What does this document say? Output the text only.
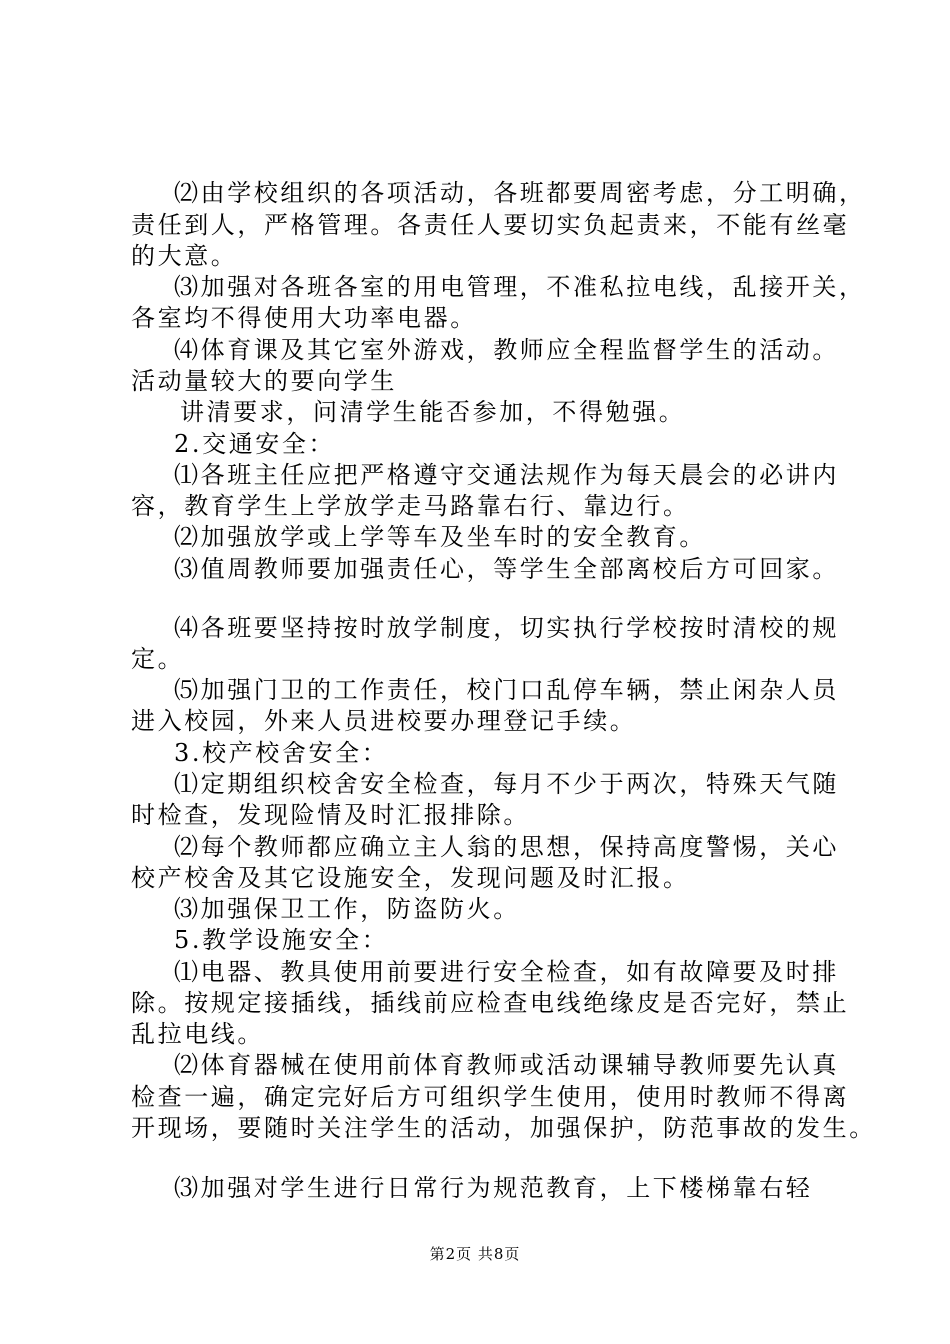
⑵由学校组织的各项活动，各班都要周密考虑，分工明确，
责任到人，严格管理。各责任人要切实负起责来，不能有丝毫
的大意。
⑶加强对各班各室的用电管理，不准私拉电线，乱接开关，
各室均不得使用大功率电器。
⑷体育课及其它室外游戏，教师应全程监督学生的活动。
活动量较大的要向学生
讲清要求，问清学生能否参加，不得勉强。
2.交通安全：
⑴各班主任应把严格遵守交通法规作为每天晨会的必讲内
容，教育学生上学放学走马路靠右行、靠边行。
⑵加强放学或上学等车及坐车时的安全教育。
⑶值周教师要加强责任心，等学生全部离校后方可回家。
⑷各班要坚持按时放学制度，切实执行学校按时清校的规
定。
⑸加强门卫的工作责任，校门口乱停车辆，禁止闲杂人员
进入校园，外来人员进校要办理登记手续。
3.校产校舍安全：
⑴定期组织校舍安全检查，每月不少于两次，特殊天气随
时检查，发现险情及时汇报排除。
⑵每个教师都应确立主人翁的思想，保持高度警惕，关心
校产校舍及其它设施安全，发现问题及时汇报。
⑶加强保卫工作，防盗防火。
5.教学设施安全：
⑴电器、教具使用前要进行安全检查，如有故障要及时排
除。按规定接插线，插线前应检查电线绝缘皮是否完好，禁止
乱拉电线。
⑵体育器械在使用前体育教师或活动课辅导教师要先认真
检查一遍，确定完好后方可组织学生使用，使用时教师不得离
开现场，要随时关注学生的活动，加强保护，防范事故的发生。
⑶加强对学生进行日常行为规范教育，上下楼梯靠右轻
第2页 共8页
